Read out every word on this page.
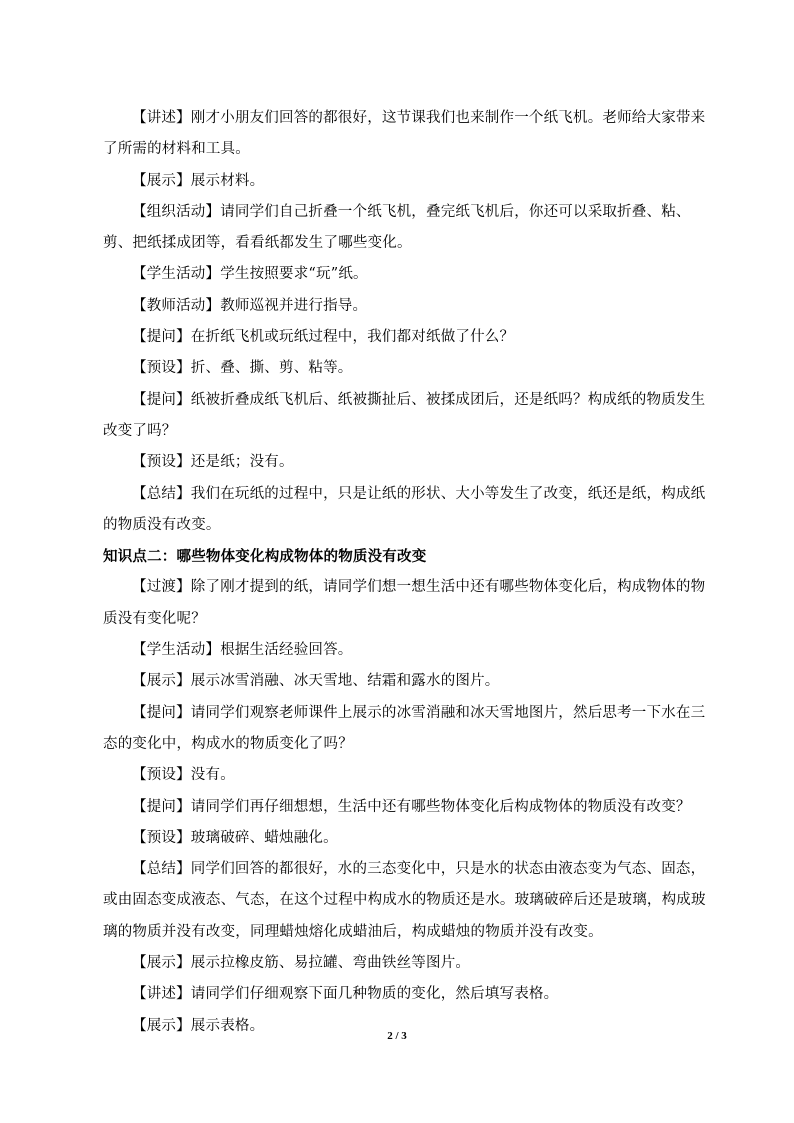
【讲述】刚才小朋友们回答的都很好，这节课我们也来制作一个纸飞机。老师给大家带来了所需的材料和工具。

【展示】展示材料。

【组织活动】请同学们自己折叠一个纸飞机，叠完纸飞机后，你还可以采取折叠、粘、剪、把纸揉成团等，看看纸都发生了哪些变化。

【学生活动】学生按照要求“玩”纸。

【教师活动】教师巡视并进行指导。

【提问】在折纸飞机或玩纸过程中，我们都对纸做了什么？

【预设】折、叠、撕、剪、粘等。

【提问】纸被折叠成纸飞机后、纸被撕扯后、被揉成团后，还是纸吗？构成纸的物质发生改变了吗？

【预设】还是纸；没有。

【总结】我们在玩纸的过程中，只是让纸的形状、大小等发生了改变，纸还是纸，构成纸的物质没有改变。

知识点二：哪些物体变化构成物体的物质没有改变

【过渡】除了刚才提到的纸，请同学们想一想生活中还有哪些物体变化后，构成物体的物质没有变化呢？

【学生活动】根据生活经验回答。

【展示】展示冰雪消融、冰天雪地、结霜和露水的图片。

【提问】请同学们观察老师课件上展示的冰雪消融和冰天雪地图片，然后思考一下水在三态的变化中，构成水的物质变化了吗？

【预设】没有。

【提问】请同学们再仔细想想，生活中还有哪些物体变化后构成物体的物质没有改变？

【预设】玻璃破碎、蜡烛融化。

【总结】同学们回答的都很好，水的三态变化中，只是水的状态由液态变为气态、固态，或由固态变成液态、气态，在这个过程中构成水的物质还是水。玻璃破碎后还是玻璃，构成玻璃的物质并没有改变，同理蜡烛熔化成蜡油后，构成蜡烛的物质并没有改变。

【展示】展示拉橡皮筋、易拉罐、弯曲铁丝等图片。

【讲述】请同学们仔细观察下面几种物质的变化，然后填写表格。

【展示】展示表格。

2 / 3
